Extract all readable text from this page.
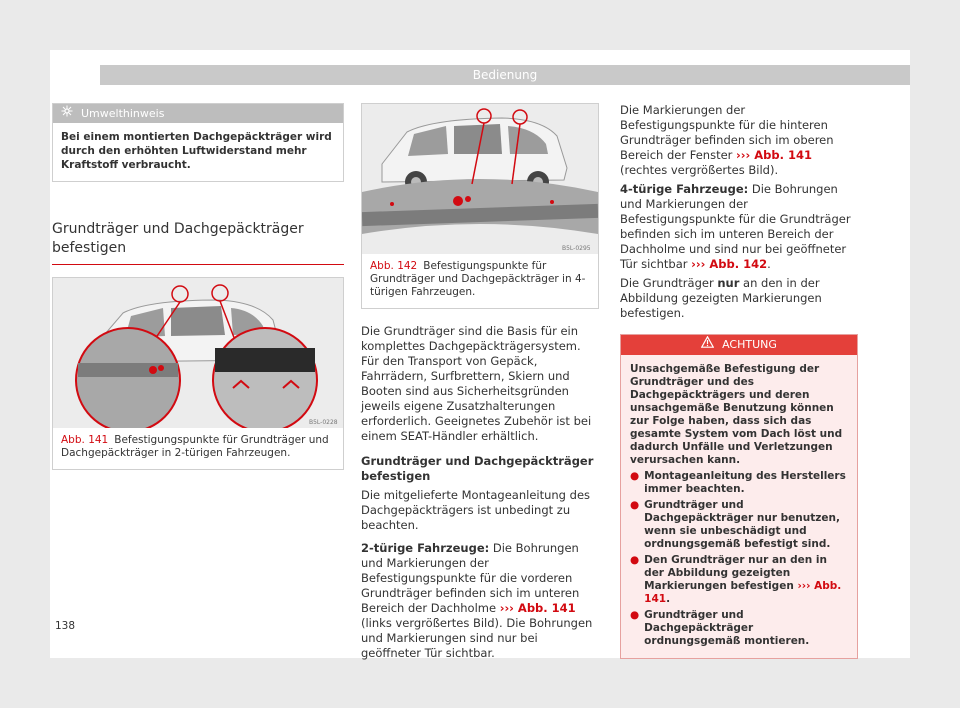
Bedienung
Umwelthinweis
Bei einem montierten Dachgepäckträger wird durch den erhöhten Luftwiderstand mehr Kraftstoff verbraucht.
Grundträger und Dachgepäckträger befestigen
B5L-0228
Abb. 141 Befestigungspunkte für Grundträger und Dachgepäckträger in 2-türigen Fahrzeugen.
B5L-0295
Abb. 142 Befestigungspunkte für Grundträger und Dachgepäckträger in 4-türigen Fahrzeugen.

Die Grundträger sind die Basis für ein komplettes Dachgepäckträgersystem. Für den Transport von Gepäck, Fahrrädern, Surfbrettern, Skiern und Booten sind aus Sicherheitsgründen jeweils eigene Zusatzhalterungen erforderlich. Geeignetes Zubehör ist bei einem SEAT-Händler erhältlich.

Grundträger und Dachgepäckträger befestigen

Die mitgelieferte Montageanleitung des Dachgepäckträgers ist unbedingt zu beachten.

2-türige Fahrzeuge: Die Bohrungen und Markierungen der Befestigungspunkte für die vorderen Grundträger befinden sich im unteren Bereich der Dachholme ››› Abb. 141 (links vergrößertes Bild). Die Bohrungen und Markierungen sind nur bei geöffneter Tür sichtbar.

Die Markierungen der Befestigungspunkte für die hinteren Grundträger befinden sich im oberen Bereich der Fenster ››› Abb. 141 (rechtes vergrößertes Bild).

4-türige Fahrzeuge: Die Bohrungen und Markierungen der Befestigungspunkte für die Grundträger befinden sich im unteren Bereich der Dachholme und sind nur bei geöffneter Tür sichtbar ››› Abb. 142.

Die Grundträger nur an den in der Abbildung gezeigten Markierungen befestigen.

ACHTUNG
Unsachgemäße Befestigung der Grundträger und des Dachgepäckträgers und deren unsachgemäße Benutzung können zur Folge haben, dass sich das gesamte System vom Dach löst und dadurch Unfälle und Verletzungen verursachen kann.
● Montageanleitung des Herstellers immer beachten.
● Grundträger und Dachgepäckträger nur benutzen, wenn sie unbeschädigt und ordnungsgemäß befestigt sind.
● Den Grundträger nur an den in der Abbildung gezeigten Markierungen befestigen ››› Abb. 141.
● Grundträger und Dachgepäckträger ordnungsgemäß montieren.
138
